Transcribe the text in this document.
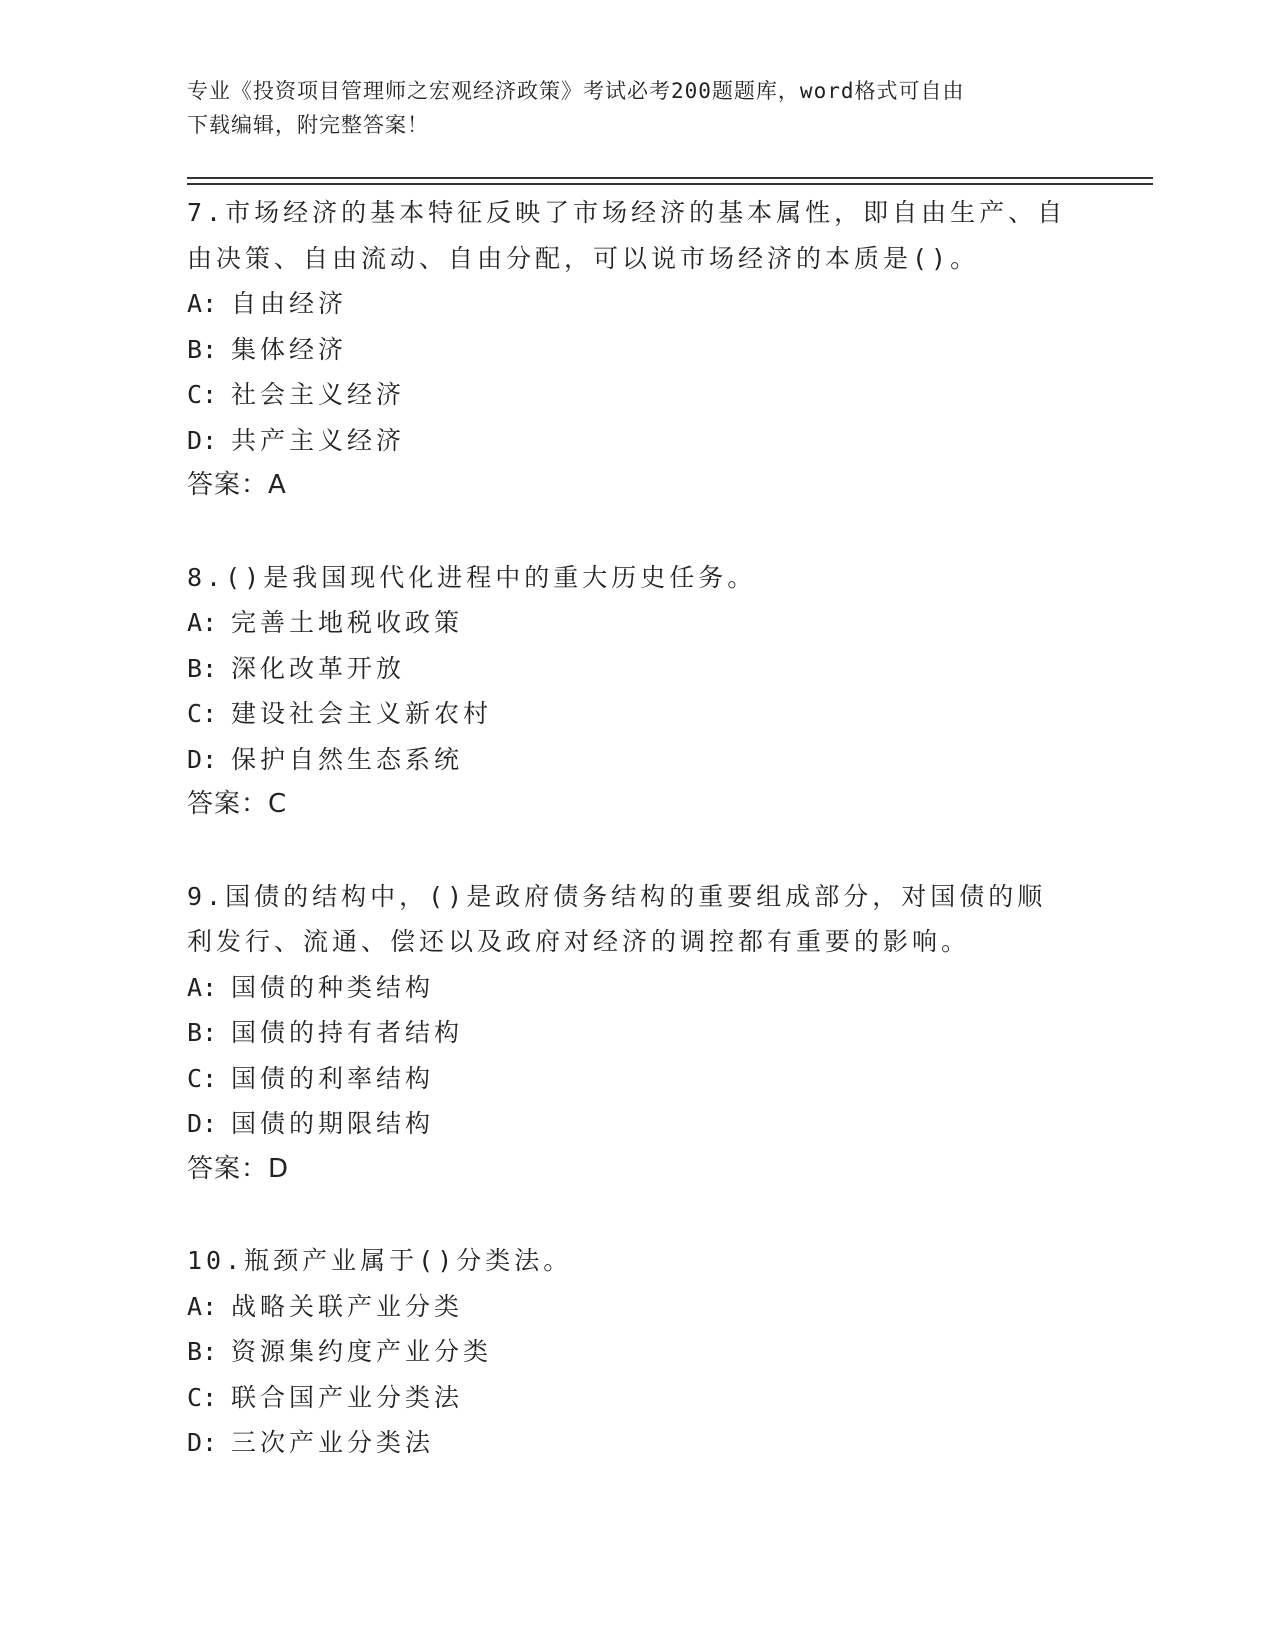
专业《投资项目管理师之宏观经济政策》考试必考200题题库，word格式可自由
下载编辑，附完整答案！
7.市场经济的基本特征反映了市场经济的基本属性，即自由生产、自由决策、自由流动、自由分配，可以说市场经济的本质是()。
A: 自由经济
B: 集体经济
C: 社会主义经济
D: 共产主义经济
答案：A
8.()是我国现代化进程中的重大历史任务。
A: 完善土地税收政策
B: 深化改革开放
C: 建设社会主义新农村
D: 保护自然生态系统
答案：C
9.国债的结构中，()是政府债务结构的重要组成部分，对国债的顺利发行、流通、偿还以及政府对经济的调控都有重要的影响。
A: 国债的种类结构
B: 国债的持有者结构
C: 国债的利率结构
D: 国债的期限结构
答案：D
10.瓶颈产业属于()分类法。
A: 战略关联产业分类
B: 资源集约度产业分类
C: 联合国产业分类法
D: 三次产业分类法
